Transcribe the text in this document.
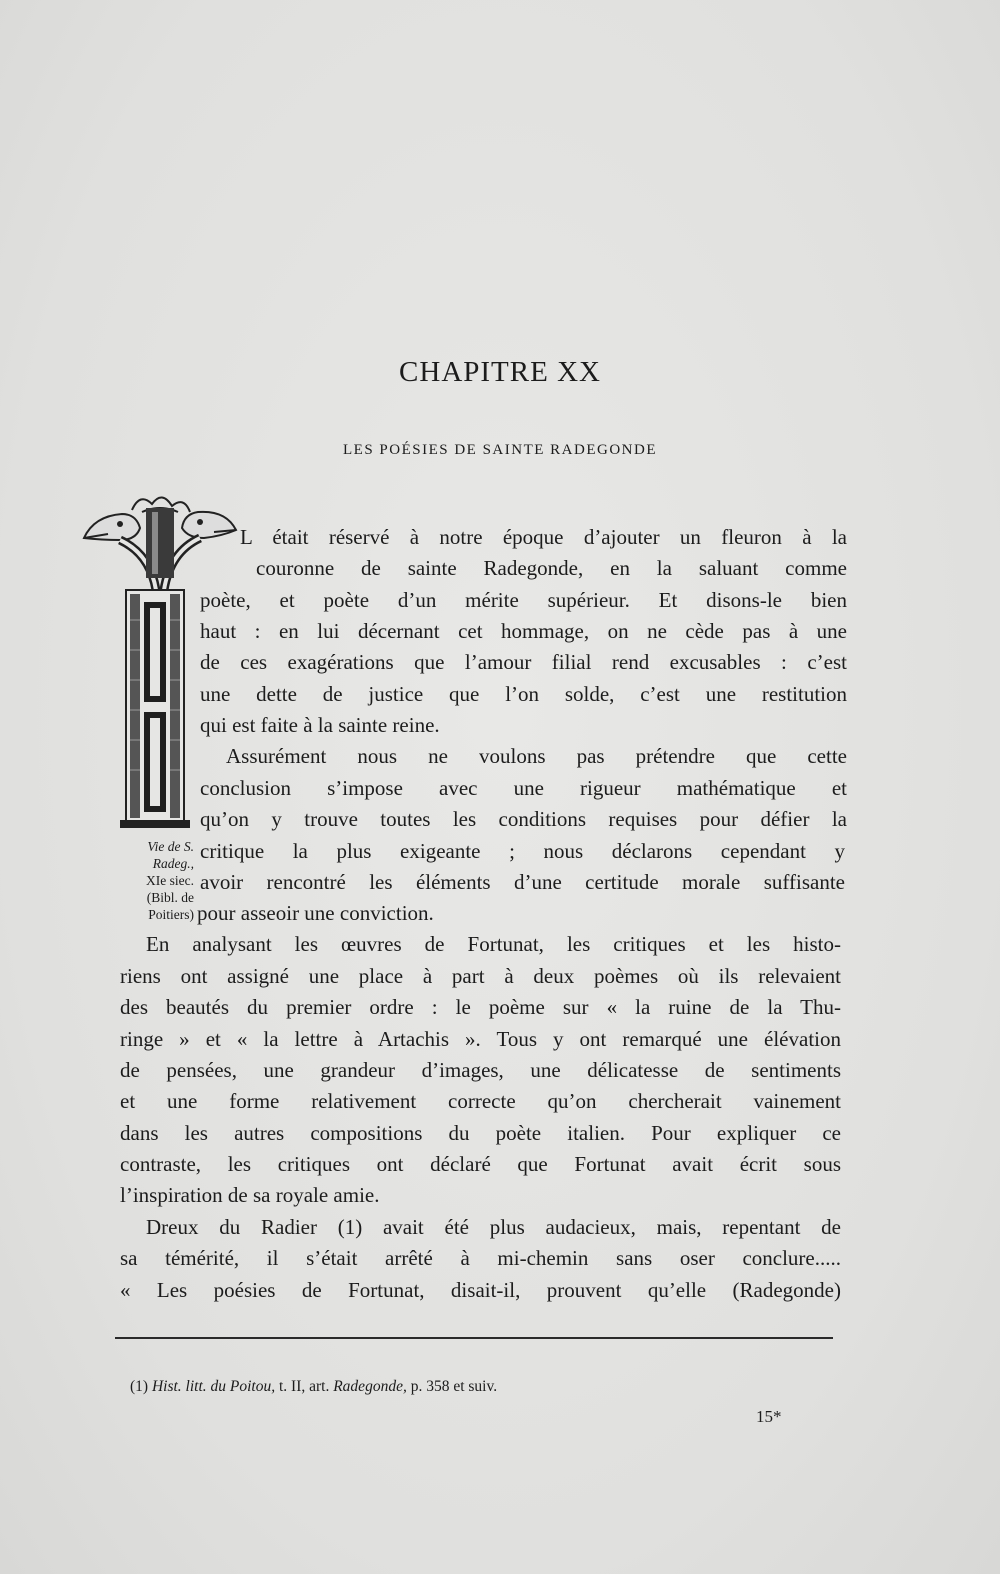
CHAPITRE XX
LES POÉSIES DE SAINTE RADEGONDE

Vie de S.
Radeg.,
XIe siec.
(Bibl. de
Poitiers)

L était réservé à notre époque d’ajouter un fleuron à la

couronne de sainte Radegonde, en la saluant comme

poète, et poète d’un mérite supérieur. Et disons-le bien

haut : en lui décernant cet hommage, on ne cède pas à une

de ces exagérations que l’amour filial rend excusables : c’est

une dette de justice que l’on solde, c’est une restitution

qui est faite à la sainte reine.

Assurément nous ne voulons pas prétendre que cette

conclusion s’impose avec une rigueur mathématique et

qu’on y trouve toutes les conditions requises pour défier la

critique la plus exigeante ; nous déclarons cependant y

avoir rencontré les éléments d’une certitude morale suffisante

pour asseoir une conviction.

En analysant les œuvres de Fortunat, les critiques et les histo-

riens ont assigné une place à part à deux poèmes où ils relevaient

des beautés du premier ordre : le poème sur « la ruine de la Thu-

ringe » et « la lettre à Artachis ». Tous y ont remarqué une élévation

de pensées, une grandeur d’images, une délicatesse de sentiments

et une forme relativement correcte qu’on chercherait vainement

dans les autres compositions du poète italien. Pour expliquer ce

contraste, les critiques ont déclaré que Fortunat avait écrit sous

l’inspiration de sa royale amie.

Dreux du Radier (1) avait été plus audacieux, mais, repentant de

sa témérité, il s’était arrêté à mi-chemin sans oser conclure.....

« Les poésies de Fortunat, disait-il, prouvent qu’elle (Radegonde)

(1) Hist. litt. du Poitou, t. II, art. Radegonde, p. 358 et suiv.

15*
